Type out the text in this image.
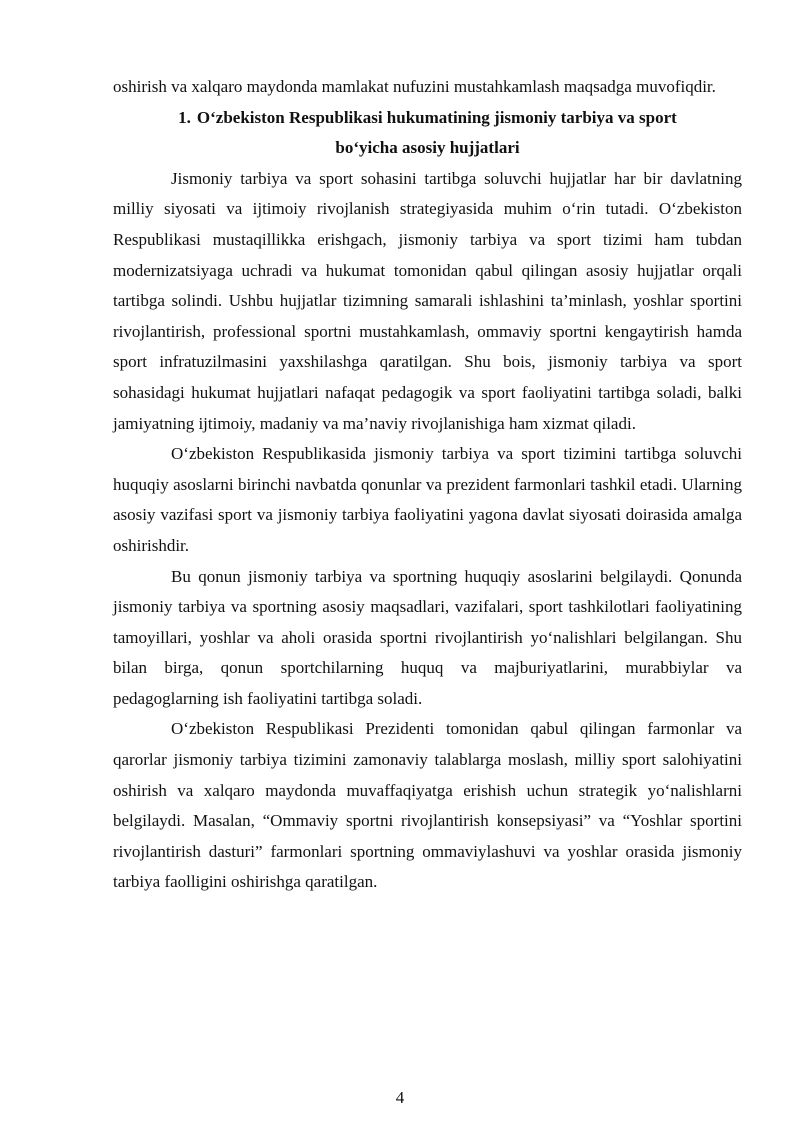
oshirish va xalqaro maydonda mamlakat nufuzini mustahkamlash maqsadga muvofiqdir.

1. O‘zbekiston Respublikasi hukumatining jismoniy tarbiya va sport

bo‘yicha asosiy hujjatlari

Jismoniy tarbiya va sport sohasini tartibga soluvchi hujjatlar har bir davlatning milliy siyosati va ijtimoiy rivojlanish strategiyasida muhim o‘rin tutadi. O‘zbekiston Respublikasi mustaqillikka erishgach, jismoniy tarbiya va sport tizimi ham tubdan modernizatsiyaga uchradi va hukumat tomonidan qabul qilingan asosiy hujjatlar orqali tartibga solindi. Ushbu hujjatlar tizimning samarali ishlashini ta’minlash, yoshlar sportini rivojlantirish, professional sportni mustahkamlash, ommaviy sportni kengaytirish hamda sport infratuzilmasini yaxshilashga qaratilgan. Shu bois, jismoniy tarbiya va sport sohasidagi hukumat hujjatlari nafaqat pedagogik va sport faoliyatini tartibga soladi, balki jamiyatning ijtimoiy, madaniy va ma’naviy rivojlanishiga ham xizmat qiladi.

O‘zbekiston Respublikasida jismoniy tarbiya va sport tizimini tartibga soluvchi huquqiy asoslarni birinchi navbatda qonunlar va prezident farmonlari tashkil etadi. Ularning asosiy vazifasi sport va jismoniy tarbiya faoliyatini yagona davlat siyosati doirasida amalga oshirishdir.

Bu qonun jismoniy tarbiya va sportning huquqiy asoslarini belgilaydi. Qonunda jismoniy tarbiya va sportning asosiy maqsadlari, vazifalari, sport tashkilotlari faoliyatining tamoyillari, yoshlar va aholi orasida sportni rivojlantirish yo‘nalishlari belgilangan. Shu bilan birga, qonun sportchilarning huquq va majburiyatlarini, murabbiylar va pedagoglarning ish faoliyatini tartibga soladi.

O‘zbekiston Respublikasi Prezidenti tomonidan qabul qilingan farmonlar va qarorlar jismoniy tarbiya tizimini zamonaviy talablarga moslash, milliy sport salohiyatini oshirish va xalqaro maydonda muvaffaqiyatga erishish uchun strategik yo‘nalishlarni belgilaydi. Masalan, “Ommaviy sportni rivojlantirish konsepsiyasi” va “Yoshlar sportini rivojlantirish dasturi” farmonlari sportning ommaviylashuvi va yoshlar orasida jismoniy tarbiya faolligini oshirishga qaratilgan.

4
